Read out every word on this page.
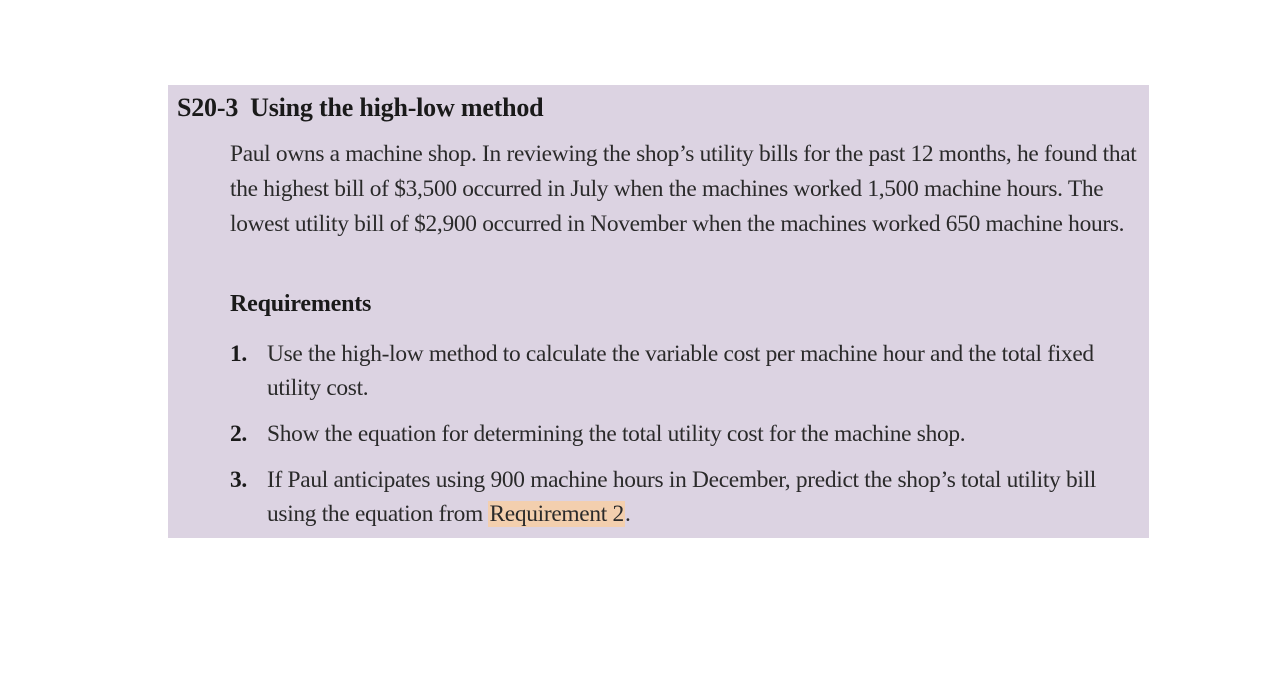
S20-3 Using the high-low method

Paul owns a machine shop. In reviewing the shop’s utility bills for the past 12 months, he found that the highest bill of $3,500 occurred in July when the machines worked 1,500 machine hours. The lowest utility bill of $2,900 occurred in November when the machines worked 650 machine hours.

Requirements
1. Use the high-low method to calculate the variable cost per machine hour and the total fixed utility cost.
2. Show the equation for determining the total utility cost for the machine shop.
3. If Paul anticipates using 900 machine hours in December, predict the shop’s total utility bill using the equation from Requirement 2.
